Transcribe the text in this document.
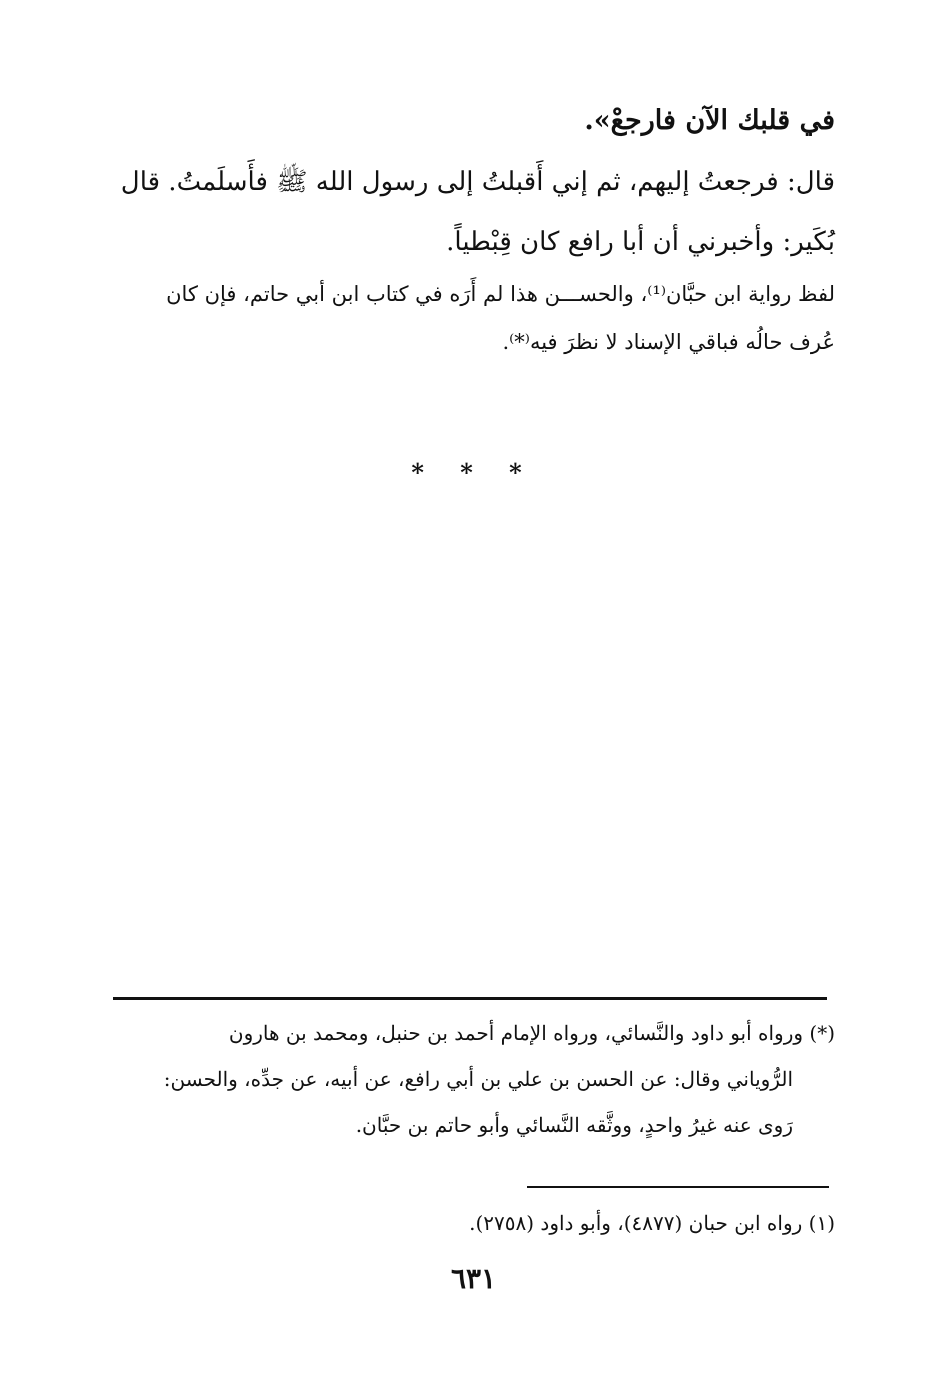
في قلبك الآن فارجعْ».
قال: فرجعتُ إليهم، ثم إني أَقبلتُ إلى رسول الله ﷺ فأَسلَمتُ. قال
بُكَير: وأخبرني أن أبا رافع كان قِبْطياً.
لفظ رواية ابن حبَّان⁽¹⁾، والحســـن هذا لم أَرَه في كتاب ابن أبي حاتم، فإن كان
عُرف حالُه فباقي الإسناد لا نظرَ فيه⁽*⁾.
* * *
(*) ورواه أبو داود والنَّسائي، ورواه الإمام أحمد بن حنبل، ومحمد بن هارون
الرُّوياني وقال: عن الحسن بن علي بن أبي رافع، عن أبيه، عن جدِّه، والحسن:
رَوى عنه غيرُ واحدٍ، ووثَّقه النَّسائي وأبو حاتم بن حبَّان.
(١) رواه ابن حبان (٤٨٧٧)، وأبو داود (٢٧٥٨).
٦٣١
